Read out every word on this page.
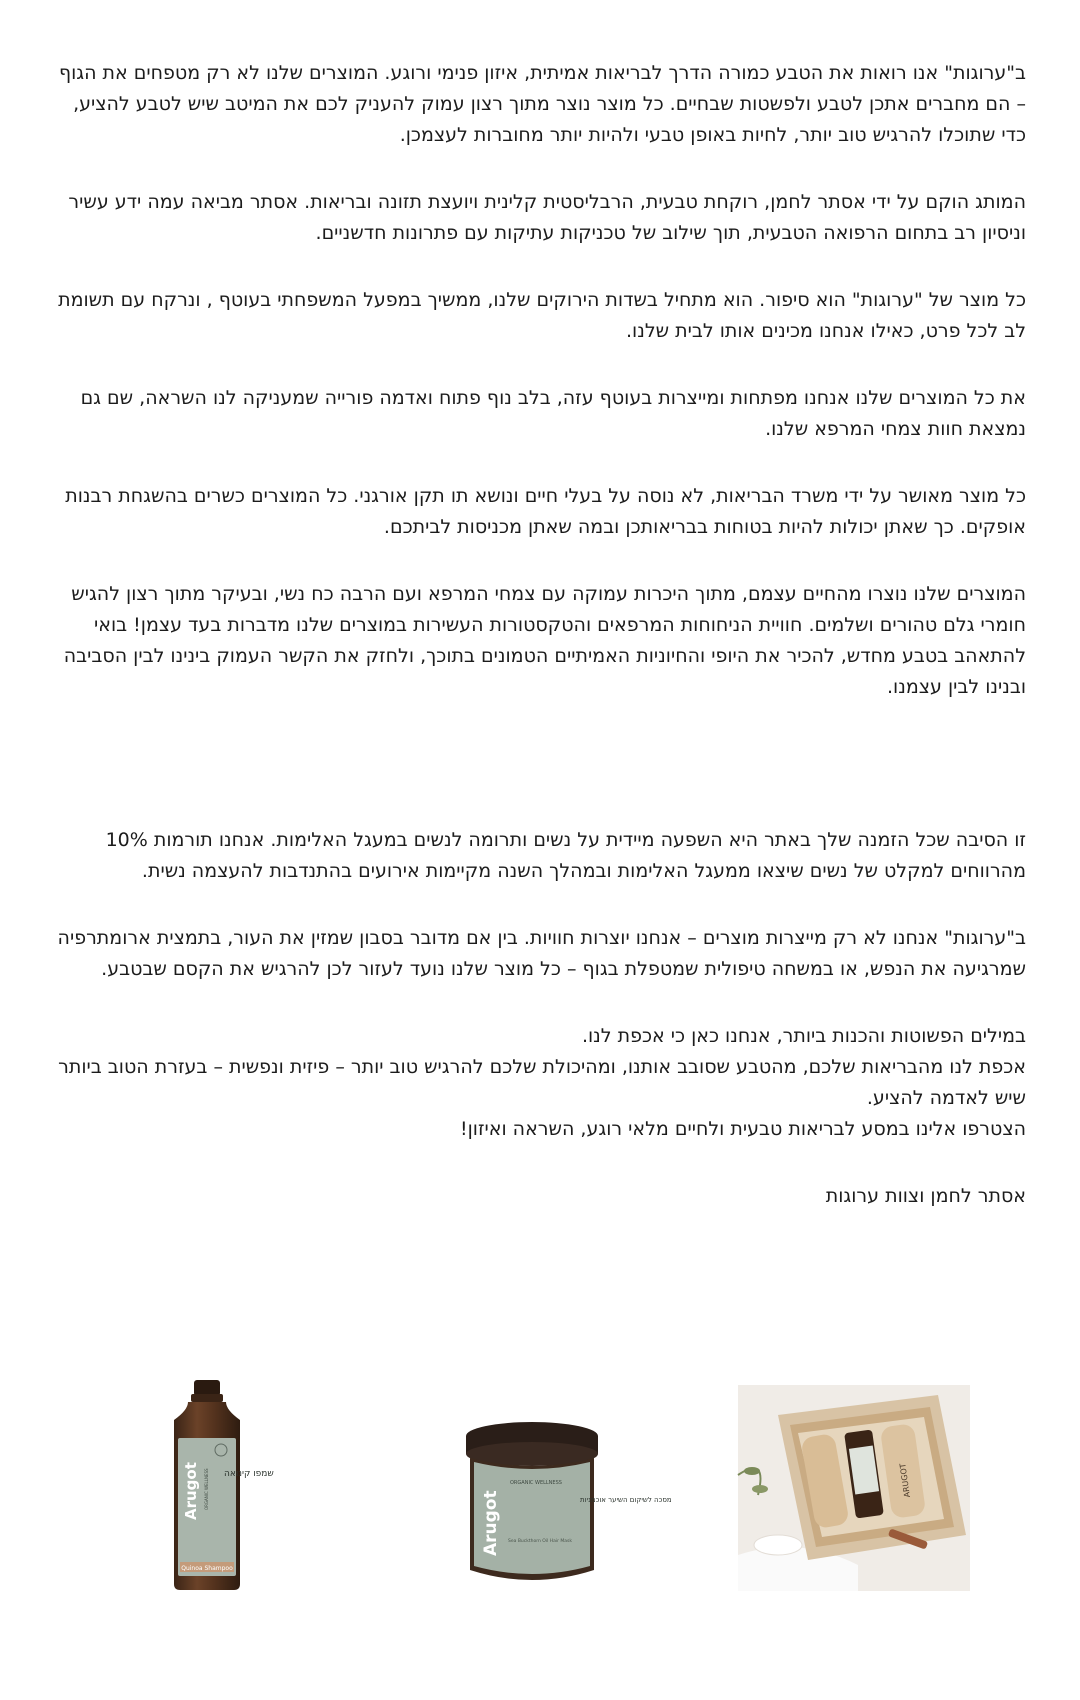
ב"ערוגות" אנו רואות את הטבע כמורה הדרך לבריאות אמיתית, איזון פנימי ורוגע. המוצרים שלנו לא רק מטפחים את הגוף – הם מחברים אתכן לטבע ולפשטות שבחיים. כל מוצר נוצר מתוך רצון עמוק להעניק לכם את המיטב שיש לטבע להציע, כדי שתוכלו להרגיש טוב יותר, לחיות באופן טבעי ולהיות יותר מחוברות לעצמכן.

המותג הוקם על ידי אסתר לחמן, רוקחת טבעית, הרבליסטית קלינית ויועצת תזונה ובריאות. אסתר מביאה עמה ידע עשיר וניסיון רב בתחום הרפואה הטבעית, תוך שילוב של טכניקות עתיקות עם פתרונות חדשניים.

כל מוצר של "ערוגות" הוא סיפור. הוא מתחיל בשדות הירוקים שלנו, ממשיך במפעל המשפחתי בעוטף , ונרקח עם תשומת לב לכל פרט, כאילו אנחנו מכינים אותו לבית שלנו.

את כל המוצרים שלנו אנחנו מפתחות ומייצרות בעוטף עזה, בלב נוף פתוח ואדמה פורייה שמעניקה לנו השראה, שם גם נמצאת חוות צמחי המרפא שלנו.

כל מוצר מאושר על ידי משרד הבריאות, לא נוסה על בעלי חיים ונושא תו תקן אורגני. כל המוצרים כשרים בהשגחת רבנות אופקים. כך שאתן יכולות להיות בטוחות בבריאותכן ובמה שאתן מכניסות לביתכם.

המוצרים שלנו נוצרו מהחיים עצמם, מתוך היכרות עמוקה עם צמחי המרפא ועם הרבה כח נשי, ובעיקר מתוך רצון להגיש חומרי גלם טהורים ושלמים. חוויית הניחוחות המרפאים והטקסטורות העשירות במוצרים שלנו מדברות בעד עצמן! בואי להתאהב בטבע מחדש, להכיר את היופי והחיוניות האמיתיים הטמונים בתוכך, ולחזק את הקשר העמוק בינינו לבין הסביבה ובנינו לבין עצמנו.

זו הסיבה שכל הזמנה שלך באתר היא השפעה מיידית על נשים ותרומה לנשים במעגל האלימות. אנחנו תורמות 10% מהרווחים למקלט של נשים שיצאו ממעגל האלימות ובמהלך השנה מקיימות אירועים בהתנדבות להעצמה נשית.

ב"ערוגות" אנחנו לא רק מייצרות מוצרים – אנחנו יוצרות חוויות. בין אם מדובר בסבון שמזין את העור, בתמצית ארומתרפיה שמרגיעה את הנפש, או במשחה טיפולית שמטפלת בגוף – כל מוצר שלנו נועד לעזור לכן להרגיש את הקסם שבטבע.

במילים הפשוטות והכנות ביותר, אנחנו כאן כי אכפת לנו.
אכפת לנו מהבריאות שלכם, מהטבע שסובב אותנו, ומהיכולת שלכם להרגיש טוב יותר – פיזית ונפשית – בעזרת הטוב ביותר שיש לאדמה להציע.
הצטרפו אלינו במסע לבריאות טבעית ולחיים מלאי רוגע, השראה ואיזון!

אסתר לחמן וצוות ערוגות

Arugot ORGANIC WELLNESS שמפו קינואה
Quinoa Shampoo
Arugot
ORGANIC WELLNESS
מסכה לשיקום השיער אוכמניות
Sea Buckthorn Oil Hair Mask
ARUGOT
